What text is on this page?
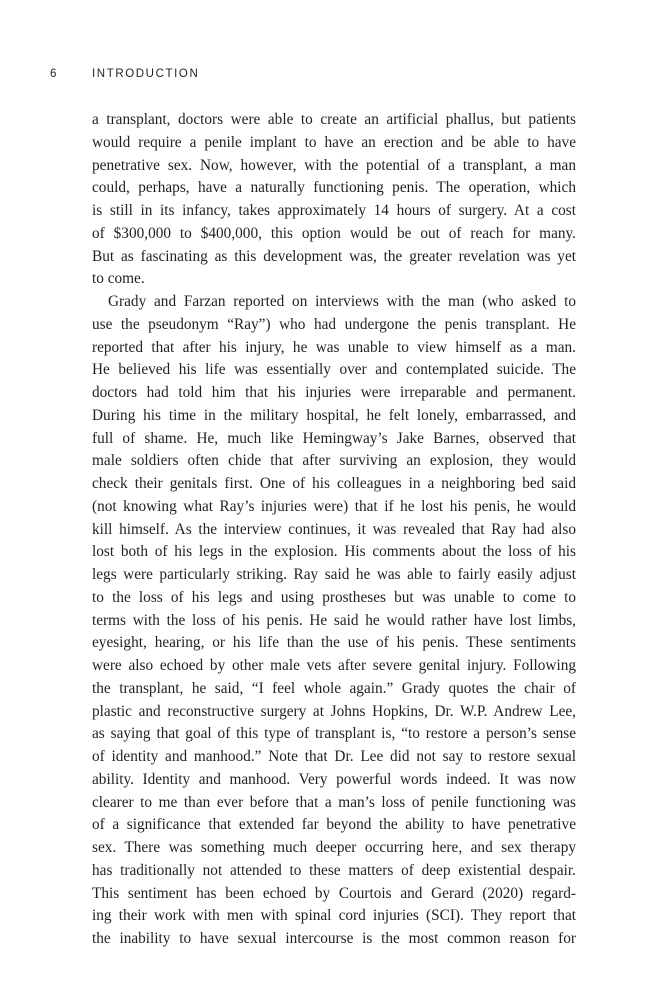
6	INTRODUCTION
a transplant, doctors were able to create an artificial phallus, but patients
would require a penile implant to have an erection and be able to have
penetrative sex. Now, however, with the potential of a transplant, a man
could, perhaps, have a naturally functioning penis. The operation, which
is still in its infancy, takes approximately 14 hours of surgery. At a cost
of $300,000 to $400,000, this option would be out of reach for many.
But as fascinating as this development was, the greater revelation was yet
to come.
Grady and Farzan reported on interviews with the man (who asked to
use the pseudonym “Ray”) who had undergone the penis transplant. He
reported that after his injury, he was unable to view himself as a man.
He believed his life was essentially over and contemplated suicide. The
doctors had told him that his injuries were irreparable and permanent.
During his time in the military hospital, he felt lonely, embarrassed, and
full of shame. He, much like Hemingway’s Jake Barnes, observed that
male soldiers often chide that after surviving an explosion, they would
check their genitals first. One of his colleagues in a neighboring bed said
(not knowing what Ray’s injuries were) that if he lost his penis, he would
kill himself. As the interview continues, it was revealed that Ray had also
lost both of his legs in the explosion. His comments about the loss of his
legs were particularly striking. Ray said he was able to fairly easily adjust
to the loss of his legs and using prostheses but was unable to come to
terms with the loss of his penis. He said he would rather have lost limbs,
eyesight, hearing, or his life than the use of his penis. These sentiments
were also echoed by other male vets after severe genital injury. Following
the transplant, he said, “I feel whole again.” Grady quotes the chair of
plastic and reconstructive surgery at Johns Hopkins, Dr. W.P. Andrew Lee,
as saying that goal of this type of transplant is, “to restore a person’s sense
of identity and manhood.” Note that Dr. Lee did not say to restore sexual
ability. Identity and manhood. Very powerful words indeed. It was now
clearer to me than ever before that a man’s loss of penile functioning was
of a significance that extended far beyond the ability to have penetrative
sex. There was something much deeper occurring here, and sex therapy
has traditionally not attended to these matters of deep existential despair.
This sentiment has been echoed by Courtois and Gerard (2020) regard-
ing their work with men with spinal cord injuries (SCI). They report that
the inability to have sexual intercourse is the most common reason for
